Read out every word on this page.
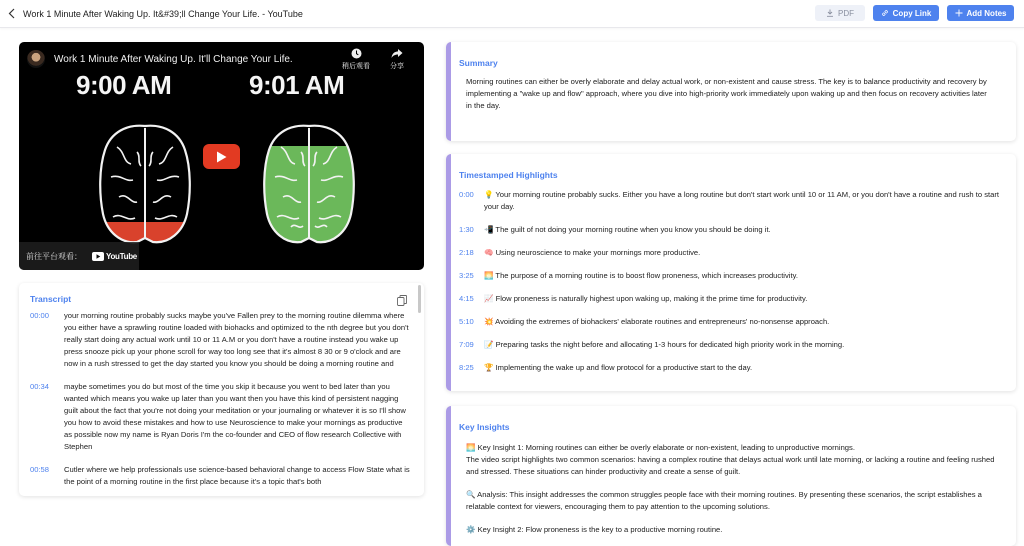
Work 1 Minute After Waking Up. It&#39;ll Change Your Life. - YouTube	PDF	Copy Link	Add Notes
Work 1 Minute After Waking Up. It'll Change Your Life.
稍后观看	分享
9:00 AM	9:01 AM
前往平台观看：	YouTube
Transcript
00:00	your morning routine probably sucks maybe you've Fallen prey to the morning routine dilemma where you either have a sprawling routine loaded with biohacks and optimized to the nth degree but you don't really start doing any actual work until 10 or 11 A.M or you don't have a routine instead you wake up press snooze pick up your phone scroll for way too long see that it's almost 8 30 or 9 o'clock and are now in a rush stressed to get the day started you know you should be doing a morning routine and
00:34	maybe sometimes you do but most of the time you skip it because you went to bed later than you wanted which means you wake up later than you want then you have this kind of persistent nagging guilt about the fact that you're not doing your meditation or your journaling or whatever it is so I'll show you how to avoid these mistakes and how to use Neuroscience to make your mornings as productive as possible now my name is Ryan Doris I'm the co-founder and CEO of flow research Collective with Stephen
00:58	Cutler where we help professionals use science-based behavioral change to access Flow State what is the point of a morning routine in the first place because it's a topic that's both
Summary

Morning routines can either be overly elaborate and delay actual work, or non-existent and cause stress. The key is to balance productivity and recovery by implementing a "wake up and flow" approach, where you dive into high-priority work immediately upon waking up and then focus on recovery activities later in the day.

Timestamped Highlights
0:00	💡 Your morning routine probably sucks. Either you have a long routine but don't start work until 10 or 11 AM, or you don't have a routine and rush to start your day.
1:30	📲 The guilt of not doing your morning routine when you know you should be doing it.
2:18	🧠 Using neuroscience to make your mornings more productive.
3:25	🌅 The purpose of a morning routine is to boost flow proneness, which increases productivity.
4:15	📈 Flow proneness is naturally highest upon waking up, making it the prime time for productivity.
5:10	💥 Avoiding the extremes of biohackers' elaborate routines and entrepreneurs' no-nonsense approach.
7:09	📝 Preparing tasks the night before and allocating 1-3 hours for dedicated high priority work in the morning.
8:25	🏆 Implementing the wake up and flow protocol for a productive start to the day.
Key Insights

🌅 Key Insight 1: Morning routines can either be overly elaborate or non-existent, leading to unproductive mornings.

The video script highlights two common scenarios: having a complex routine that delays actual work until late morning, or lacking a routine and feeling rushed and stressed. These situations can hinder productivity and create a sense of guilt.

🔍 Analysis: This insight addresses the common struggles people face with their morning routines. By presenting these scenarios, the script establishes a relatable context for viewers, encouraging them to pay attention to the upcoming solutions.

⚙️ Key Insight 2: Flow proneness is the key to a productive morning routine.
